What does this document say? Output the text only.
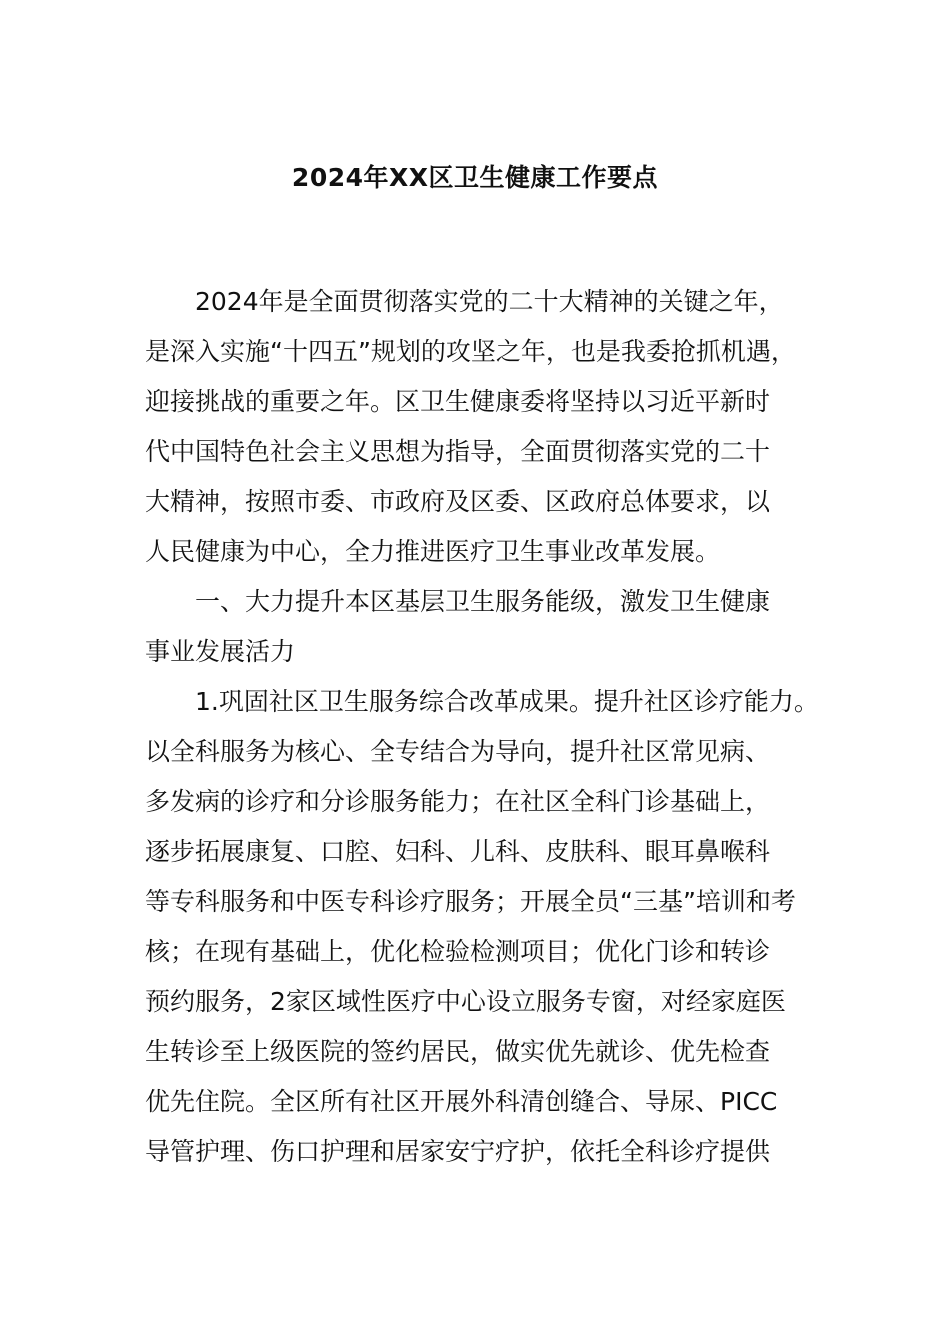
2024年XX区卫生健康工作要点

2024年是全面贯彻落实党的二十大精神的关键之年，

是深入实施“十四五”规划的攻坚之年，也是我委抢抓机遇，

迎接挑战的重要之年。区卫生健康委将坚持以习近平新时

代中国特色社会主义思想为指导，全面贯彻落实党的二十

大精神，按照市委、市政府及区委、区政府总体要求，以

人民健康为中心，全力推进医疗卫生事业改革发展。

一、大力提升本区基层卫生服务能级，激发卫生健康

事业发展活力

1.巩固社区卫生服务综合改革成果。提升社区诊疗能力。

以全科服务为核心、全专结合为导向，提升社区常见病、

多发病的诊疗和分诊服务能力；在社区全科门诊基础上，

逐步拓展康复、口腔、妇科、儿科、皮肤科、眼耳鼻喉科

等专科服务和中医专科诊疗服务；开展全员“三基”培训和考

核；在现有基础上，优化检验检测项目；优化门诊和转诊

预约服务，2家区域性医疗中心设立服务专窗，对经家庭医

生转诊至上级医院的签约居民，做实优先就诊、优先检查

优先住院。全区所有社区开展外科清创缝合、导尿、PICC

导管护理、伤口护理和居家安宁疗护，依托全科诊疗提供
